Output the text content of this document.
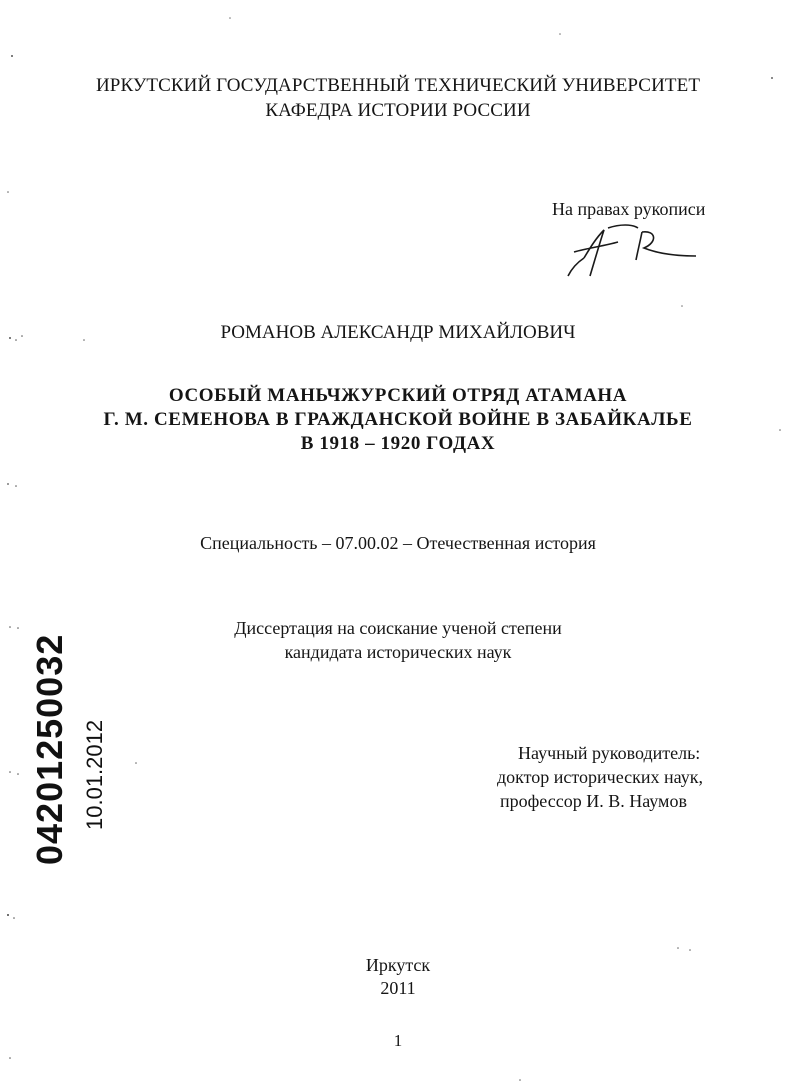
ИРКУТСКИЙ ГОСУДАРСТВЕННЫЙ ТЕХНИЧЕСКИЙ УНИВЕРСИТЕТ
КАФЕДРА ИСТОРИИ РОССИИ
На правах рукописи
РОМАНОВ АЛЕКСАНДР МИХАЙЛОВИЧ
ОСОБЫЙ МАНЬЧЖУРСКИЙ ОТРЯД АТАМАНА
Г. М. СЕМЕНОВА В ГРАЖДАНСКОЙ ВОЙНЕ В ЗАБАЙКАЛЬЕ
В 1918 – 1920 ГОДАХ
Специальность – 07.00.02 – Отечественная история
Диссертация на соискание ученой степени
кандидата исторических наук
Научный руководитель:
доктор исторических наук,
профессор И. В. Наумов
Иркутск
2011
1
04201250032 10.01.2012
